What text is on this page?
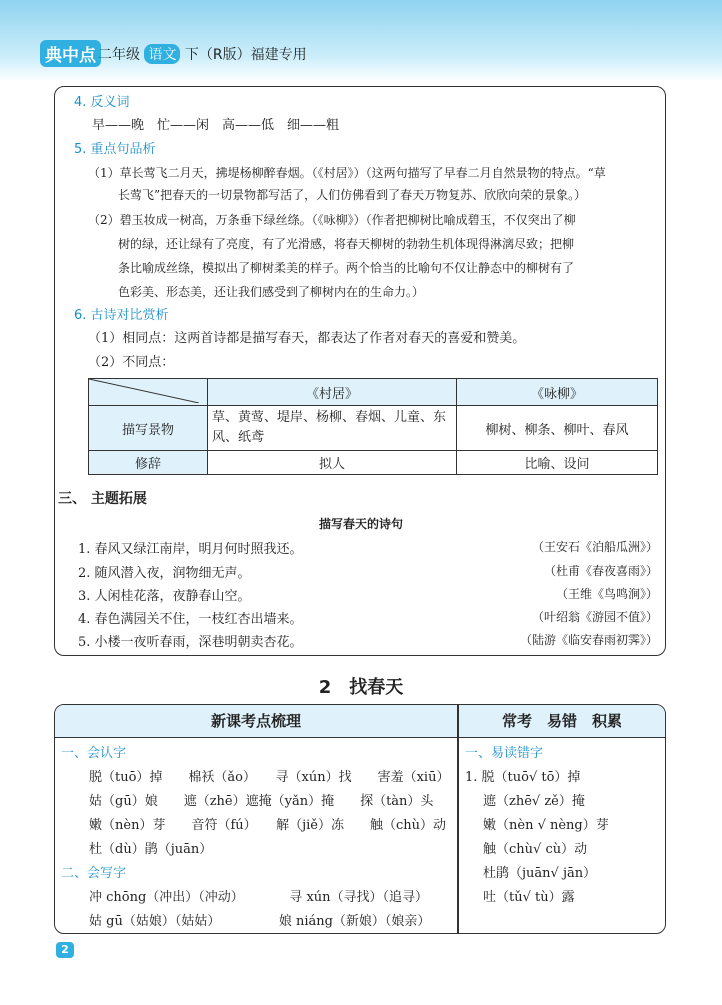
典中点 二年级 语文 下（R版）福建专用
4. 反义词
早——晚　忙——闲　高——低　细——粗
5. 重点句品析
（1）草长莺飞二月天，拂堤杨柳醉春烟。（《村居》）（这两句描写了早春二月自然景物的特点。“草
长莺飞”把春天的一切景物都写活了，人们仿佛看到了春天万物复苏、欣欣向荣的景象。）
（2）碧玉妆成一树高，万条垂下绿丝绦。（《咏柳》）（作者把柳树比喻成碧玉，不仅突出了柳
树的绿，还让绿有了亮度，有了光滑感，将春天柳树的勃勃生机体现得淋漓尽致；把柳
条比喻成丝绦，模拟出了柳树柔美的样子。两个恰当的比喻句不仅让静态中的柳树有了
色彩美、形态美，还让我们感受到了柳树内在的生命力。）
6. 古诗对比赏析
（1）相同点：这两首诗都是描写春天，都表达了作者对春天的喜爱和赞美。
（2）不同点：
	《村居》	《咏柳》
描写景物	草、黄莺、堤岸、杨柳、春烟、儿童、东风、纸鸢	柳树、柳条、柳叶、春风
修辞	拟人	比喻、设问
三、 主题拓展
描写春天的诗句
1. 春风又绿江南岸，明月何时照我还。	（王安石《泊船瓜洲》）
2. 随风潜入夜，润物细无声。	（杜甫《春夜喜雨》）
3. 人闲桂花落，夜静春山空。	（王维《鸟鸣涧》）
4. 春色满园关不住，一枝红杏出墙来。	（叶绍翁《游园不值》）
5. 小楼一夜听春雨，深巷明朝卖杏花。	（陆游《临安春雨初霁》）
2　找春天
新课考点梳理	常考　易错　积累
一、会认字
脱（tuō）掉　　棉袄（ǎo）　　寻（xún）找　　害羞（xiū）
姑（gū）娘　　遮（zhē）遮掩（yǎn）掩　　探（tàn）头
嫩（nèn）芽　　音符（fú）　　解（jiě）冻　　触（chù）动
杜（dù）鹃（juān）
二、会写字
冲 chōng（冲出）（冲动）　　　　寻 xún（寻找）（追寻）
姑 gū（姑娘）（姑姑）　　　　　娘 niáng（新娘）（娘亲）
一、易读错字
1. 脱（tuō√ tō）掉
遮（zhē√ zě）掩
嫩（nèn √ nèng）芽
触（chù√ cù）动
杜鹃（juān√ jān）
吐（tǔ√ tù）露
2
